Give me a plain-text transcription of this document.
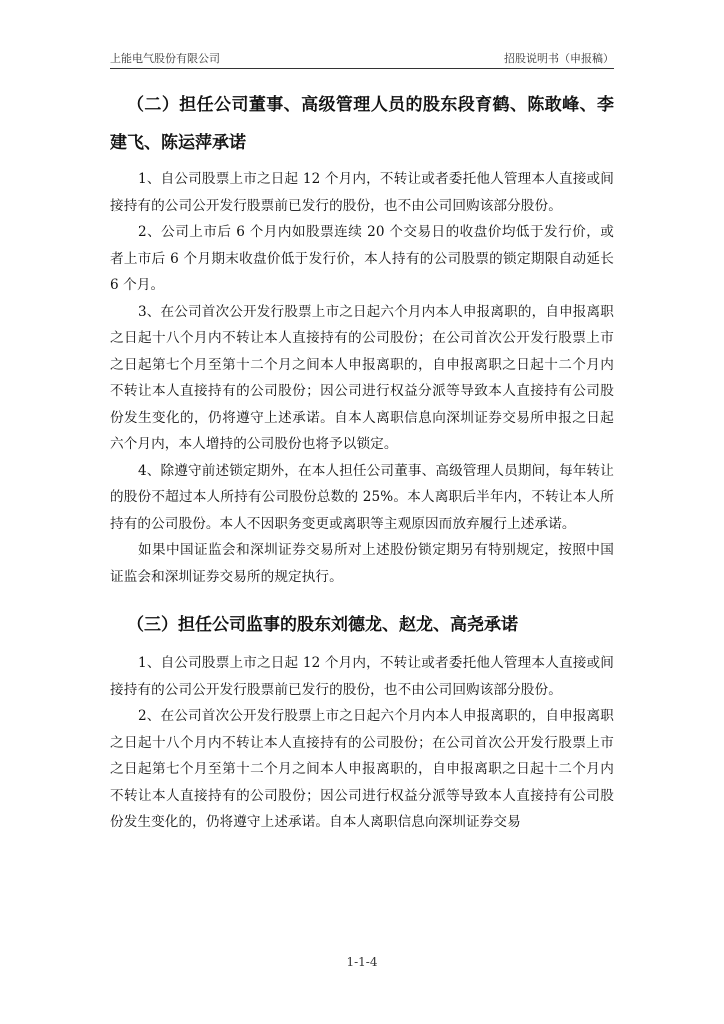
上能电气股份有限公司	招股说明书（申报稿）

（二）担任公司董事、高级管理人员的股东段育鹤、陈敢峰、李建飞、陈运萍承诺

1、自公司股票上市之日起 12 个月内，不转让或者委托他人管理本人直接或间接持有的公司公开发行股票前已发行的股份，也不由公司回购该部分股份。

2、公司上市后 6 个月内如股票连续 20 个交易日的收盘价均低于发行价，或者上市后 6 个月期末收盘价低于发行价，本人持有的公司股票的锁定期限自动延长 6 个月。

3、在公司首次公开发行股票上市之日起六个月内本人申报离职的，自申报离职之日起十八个月内不转让本人直接持有的公司股份；在公司首次公开发行股票上市之日起第七个月至第十二个月之间本人申报离职的，自申报离职之日起十二个月内不转让本人直接持有的公司股份；因公司进行权益分派等导致本人直接持有公司股份发生变化的，仍将遵守上述承诺。自本人离职信息向深圳证券交易所申报之日起六个月内，本人增持的公司股份也将予以锁定。

4、除遵守前述锁定期外，在本人担任公司董事、高级管理人员期间，每年转让的股份不超过本人所持有公司股份总数的 25%。本人离职后半年内，不转让本人所持有的公司股份。本人不因职务变更或离职等主观原因而放弃履行上述承诺。

如果中国证监会和深圳证券交易所对上述股份锁定期另有特别规定，按照中国证监会和深圳证券交易所的规定执行。

（三）担任公司监事的股东刘德龙、赵龙、高尧承诺

1、自公司股票上市之日起 12 个月内，不转让或者委托他人管理本人直接或间接持有的公司公开发行股票前已发行的股份，也不由公司回购该部分股份。

2、在公司首次公开发行股票上市之日起六个月内本人申报离职的，自申报离职之日起十八个月内不转让本人直接持有的公司股份；在公司首次公开发行股票上市之日起第七个月至第十二个月之间本人申报离职的，自申报离职之日起十二个月内不转让本人直接持有的公司股份；因公司进行权益分派等导致本人直接持有公司股份发生变化的，仍将遵守上述承诺。自本人离职信息向深圳证券交易

1-1-4
